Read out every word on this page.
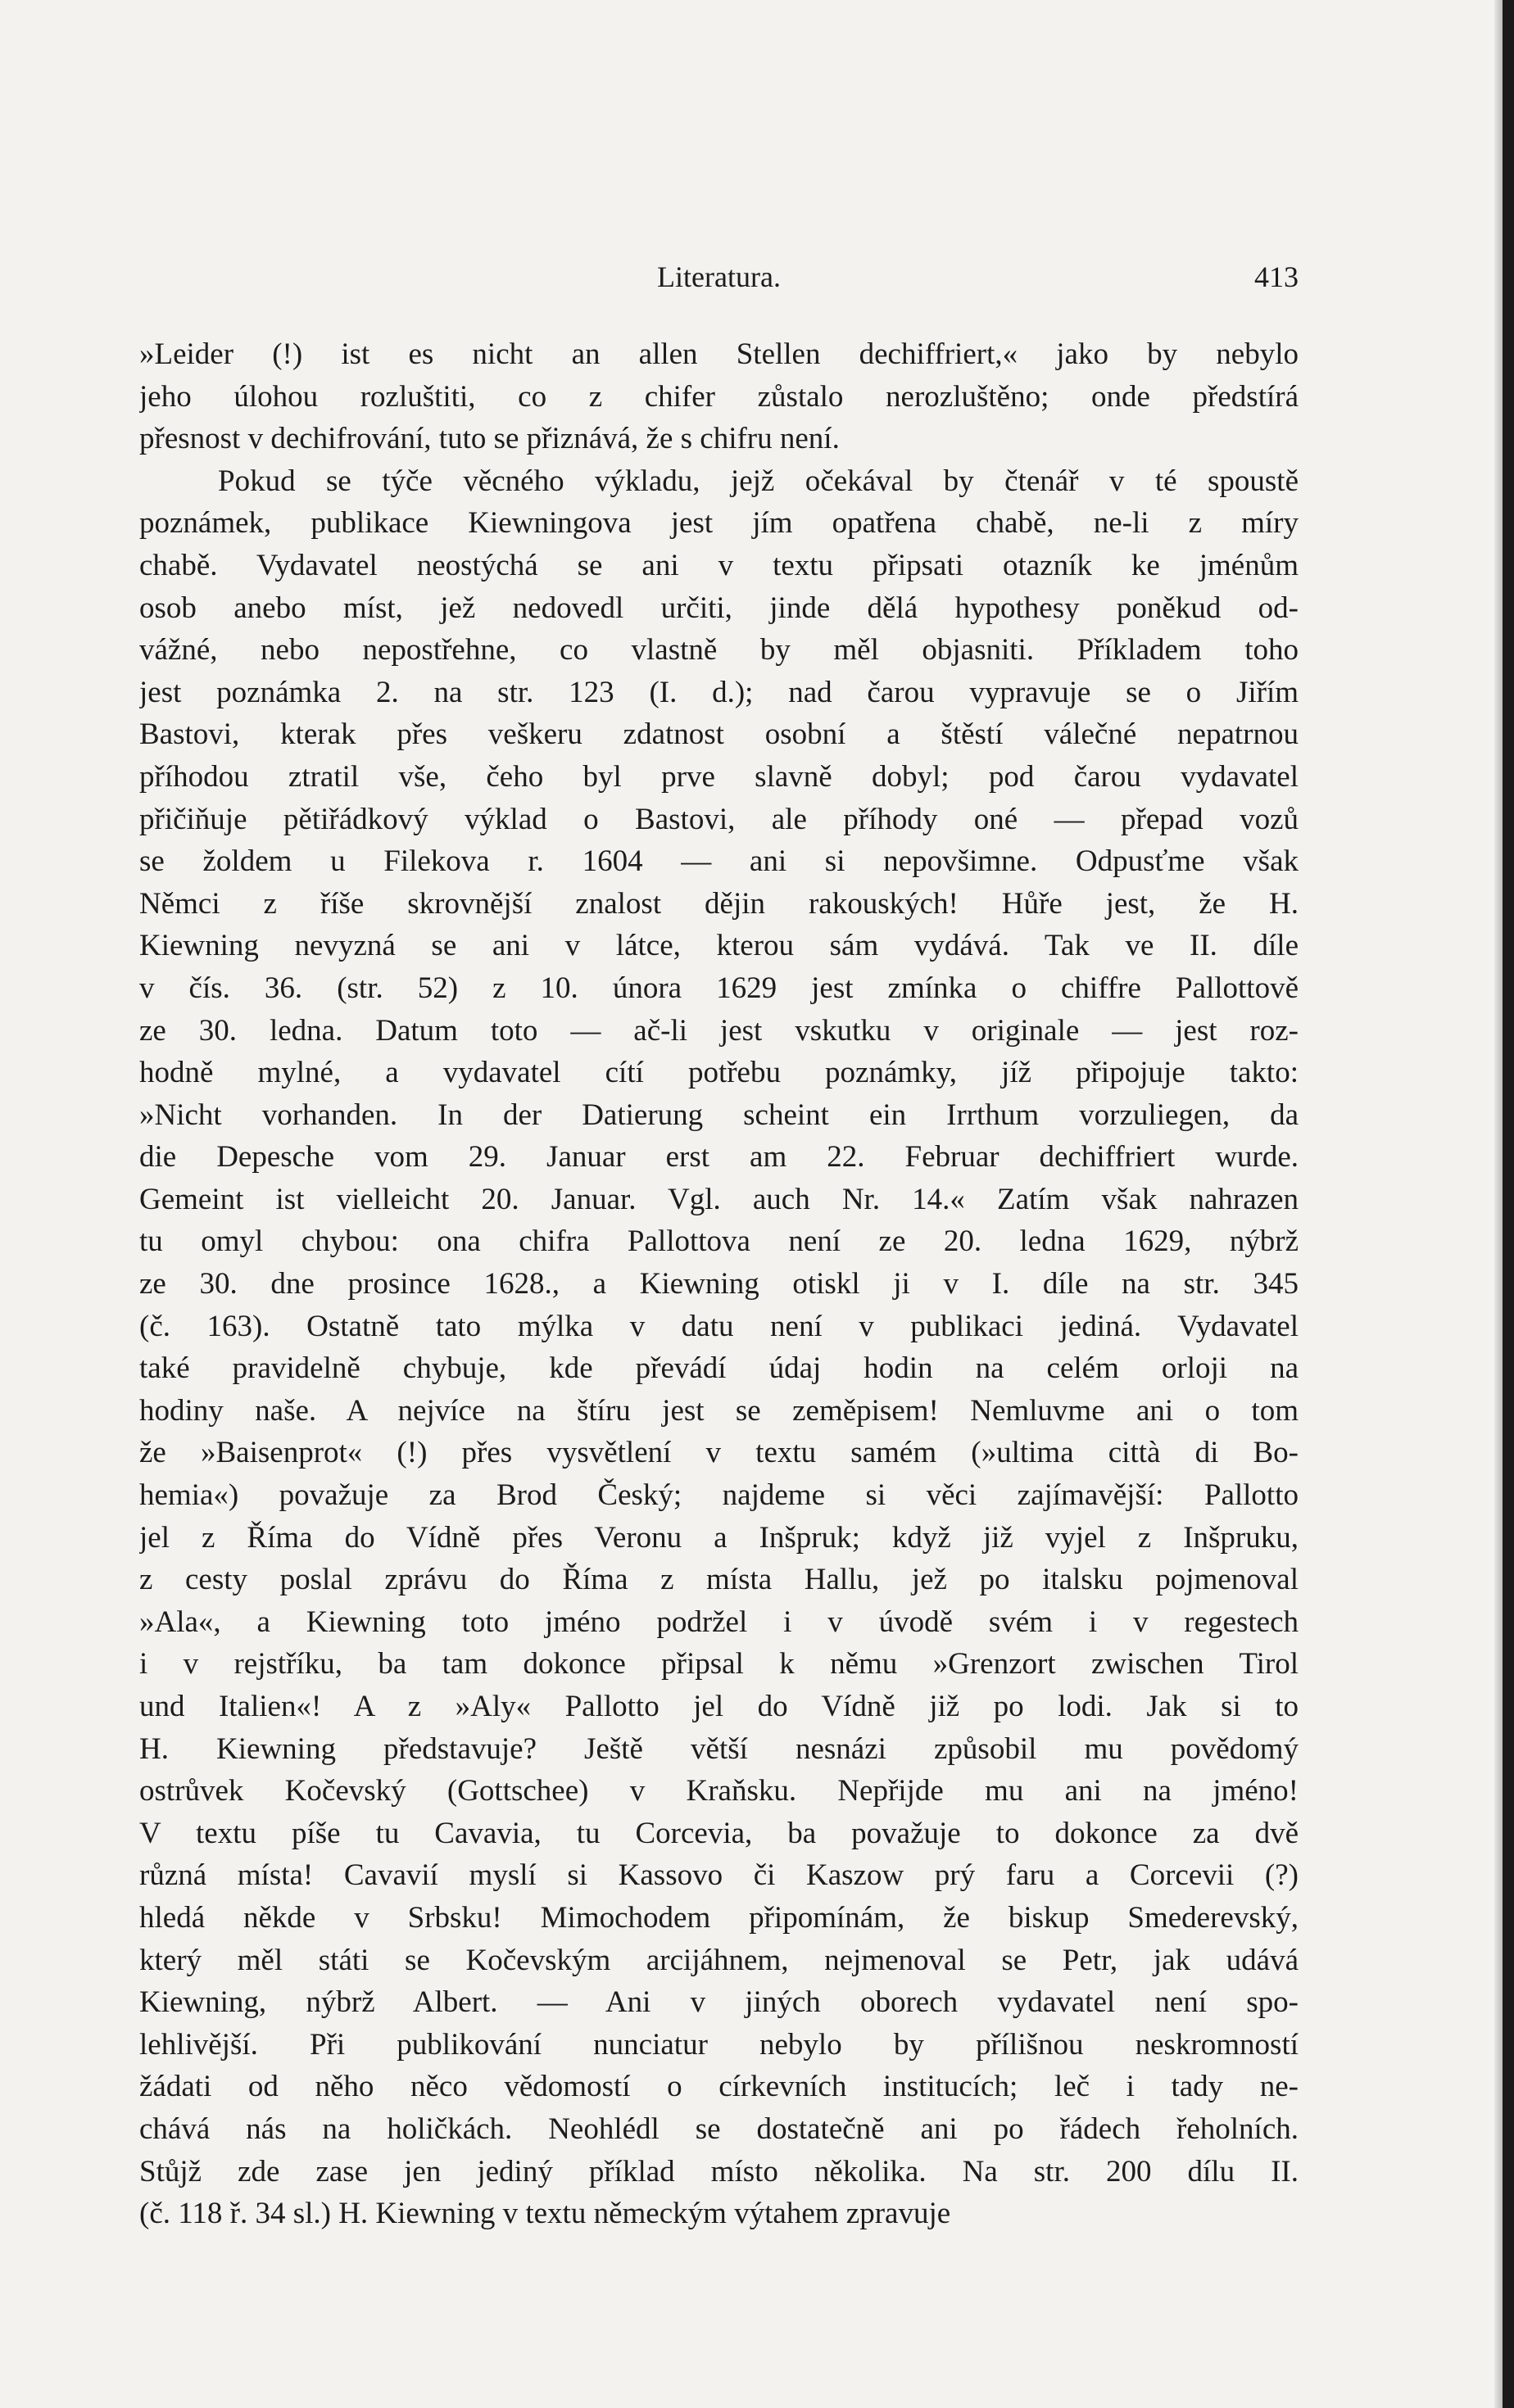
Literatura.	413
»Leider (!) ist es nicht an allen Stellen dechiffriert,« jako by nebylo
jeho úlohou rozluštiti, co z chifer zůstalo nerozluštěno; onde předstírá
přesnost v dechifrování, tuto se přiznává, že s chifru není.
Pokud se týče věcného výkladu, jejž očekával by čtenář v té spoustě
poznámek, publikace Kiewningova jest jím opatřena chabě, ne-li z míry
chabě. Vydavatel neostýchá se ani v textu připsati otazník ke jménům
osob anebo míst, jež nedovedl určiti, jinde dělá hypothesy poněkud od-
vážné, nebo nepostřehne, co vlastně by měl objasniti. Příkladem toho
jest poznámka 2. na str. 123 (I. d.); nad čarou vypravuje se o Jiřím
Bastovi, kterak přes veškeru zdatnost osobní a štěstí válečné nepatrnou
příhodou ztratil vše, čeho byl prve slavně dobyl; pod čarou vydavatel
přičiňuje pětiřádkový výklad o Bastovi, ale příhody oné — přepad vozů
se žoldem u Filekova r. 1604 — ani si nepovšimne. Odpusťme však
Němci z říše skrovnější znalost dějin rakouských! Hůře jest, že H.
Kiewning nevyzná se ani v látce, kterou sám vydává. Tak ve II. díle
v čís. 36. (str. 52) z 10. února 1629 jest zmínka o chiffre Pallottově
ze 30. ledna. Datum toto — ač-li jest vskutku v originale — jest roz-
hodně mylné, a vydavatel cítí potřebu poznámky, jíž připojuje takto:
»Nicht vorhanden. In der Datierung scheint ein Irrthum vorzuliegen, da
die Depesche vom 29. Januar erst am 22. Februar dechiffriert wurde.
Gemeint ist vielleicht 20. Januar. Vgl. auch Nr. 14.« Zatím však nahrazen
tu omyl chybou: ona chifra Pallottova není ze 20. ledna 1629, nýbrž
ze 30. dne prosince 1628., a Kiewning otiskl ji v I. díle na str. 345
(č. 163). Ostatně tato mýlka v datu není v publikaci jediná. Vydavatel
také pravidelně chybuje, kde převádí údaj hodin na celém orloji na
hodiny naše. A nejvíce na štíru jest se zeměpisem! Nemluvme ani o tom
že »Baisenprot« (!) přes vysvětlení v textu samém (»ultima città di Bo-
hemia«) považuje za Brod Český; najdeme si věci zajímavější: Pallotto
jel z Říma do Vídně přes Veronu a Inšpruk; když již vyjel z Inšpruku,
z cesty poslal zprávu do Říma z místa Hallu, jež po italsku pojmenoval
»Ala«, a Kiewning toto jméno podržel i v úvodě svém i v regestech
i v rejstříku, ba tam dokonce připsal k němu »Grenzort zwischen Tirol
und Italien«! A z »Aly« Pallotto jel do Vídně již po lodi. Jak si to
H. Kiewning představuje? Ještě větší nesnázi způsobil mu povědomý
ostrůvek Kočevský (Gottschee) v Kraňsku. Nepřijde mu ani na jméno!
V textu píše tu Cavavia, tu Corcevia, ba považuje to dokonce za dvě
různá místa! Cavavií myslí si Kassovo či Kaszow prý faru a Corcevii (?)
hledá někde v Srbsku! Mimochodem připomínám, že biskup Smederevský,
který měl státi se Kočevským arcijáhnem, nejmenoval se Petr, jak udává
Kiewning, nýbrž Albert. — Ani v jiných oborech vydavatel není spo-
lehlivější. Při publikování nunciatur nebylo by přílišnou neskromností
žádati od něho něco vědomostí o církevních institucích; leč i tady ne-
chává nás na holičkách. Neohlédl se dostatečně ani po řádech řeholních.
Stůjž zde zase jen jediný příklad místo několika. Na str. 200 dílu II.
(č. 118 ř. 34 sl.) H. Kiewning v textu německým výtahem zpravuje
